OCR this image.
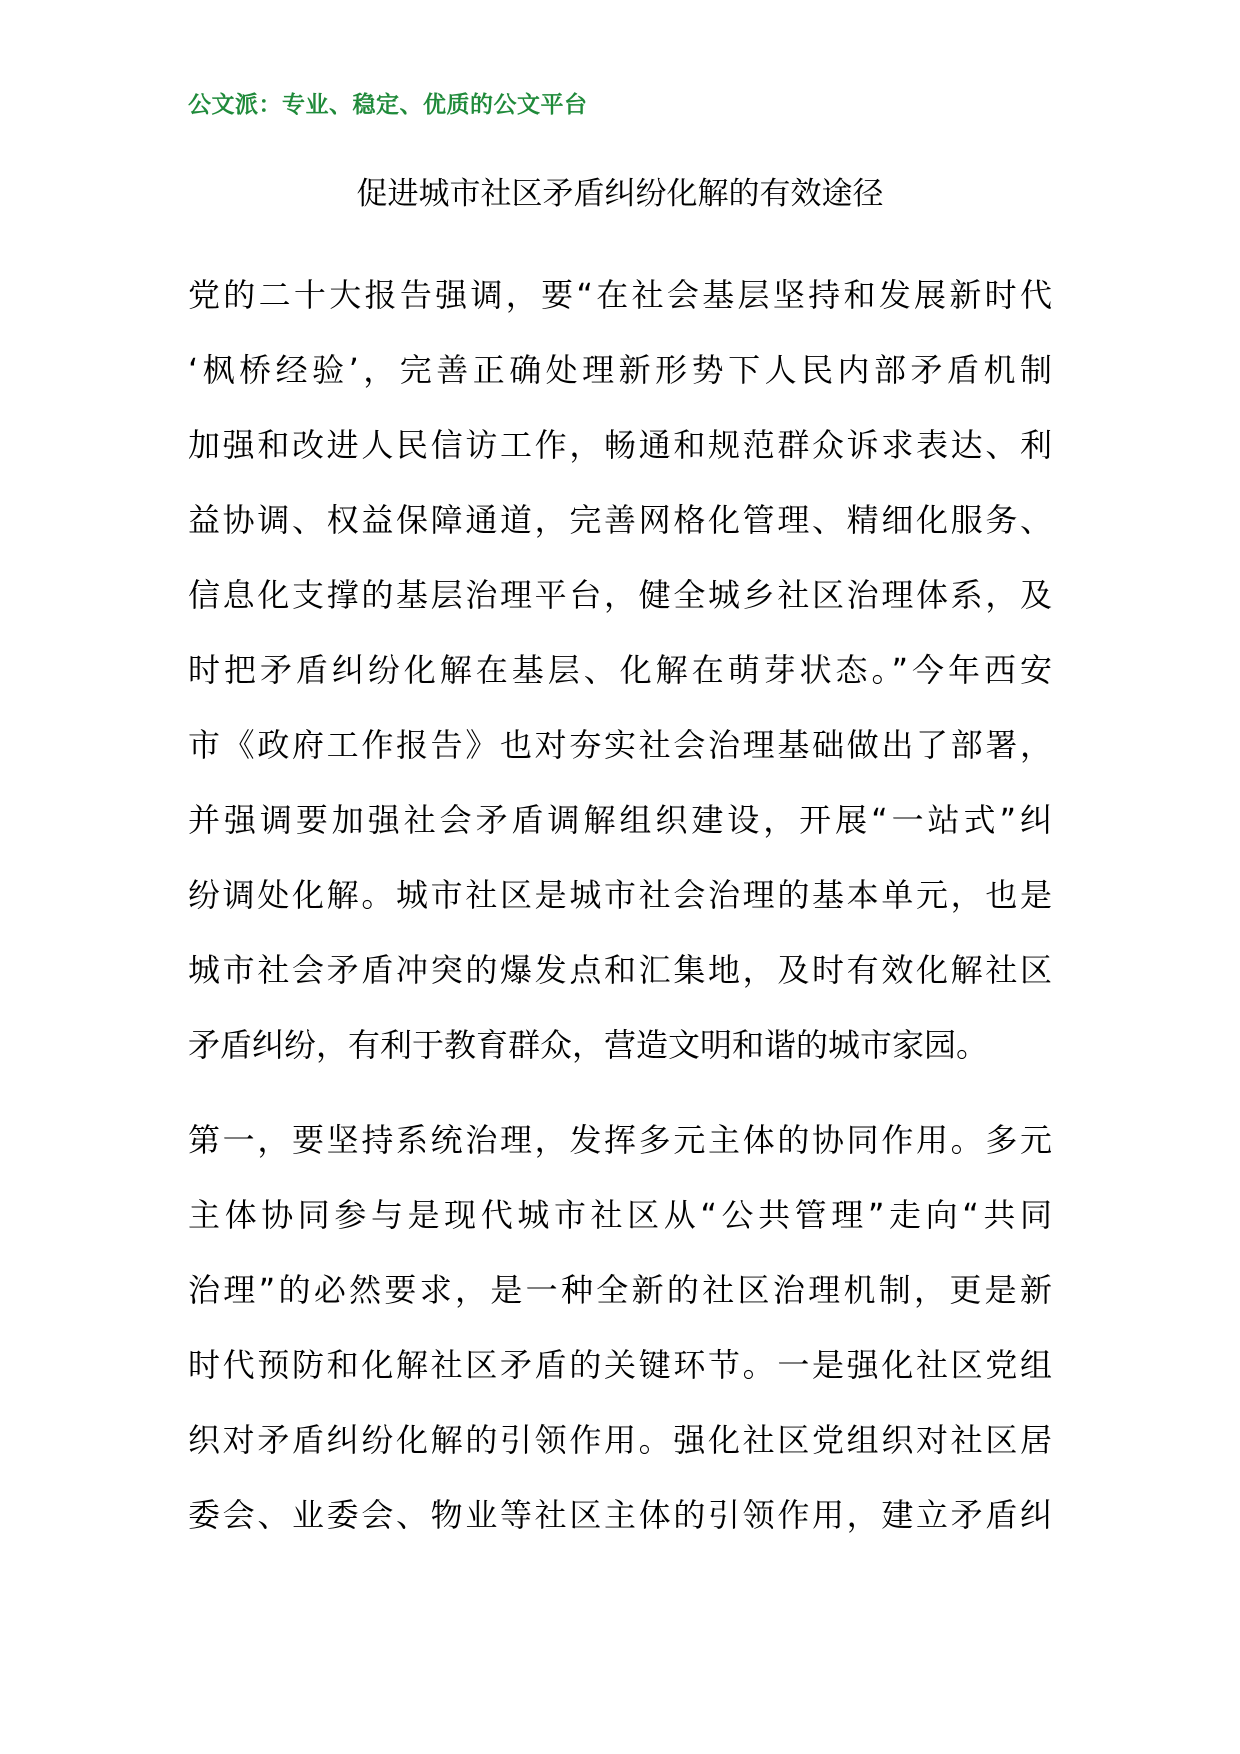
公文派：专业、稳定、优质的公文平台
促进城市社区矛盾纠纷化解的有效途径
党的二十大报告强调，要“在社会基层坚持和发展新时代
‘枫桥经验’，完善正确处理新形势下人民内部矛盾机制
加强和改进人民信访工作，畅通和规范群众诉求表达、利
益协调、权益保障通道，完善网格化管理、精细化服务、
信息化支撑的基层治理平台，健全城乡社区治理体系，及
时把矛盾纠纷化解在基层、化解在萌芽状态。”今年西安
市《政府工作报告》也对夯实社会治理基础做出了部署，
并强调要加强社会矛盾调解组织建设，开展“一站式”纠
纷调处化解。城市社区是城市社会治理的基本单元，也是
城市社会矛盾冲突的爆发点和汇集地，及时有效化解社区
矛盾纠纷，有利于教育群众，营造文明和谐的城市家园。
第一，要坚持系统治理，发挥多元主体的协同作用。多元
主体协同参与是现代城市社区从“公共管理”走向“共同
治理”的必然要求，是一种全新的社区治理机制，更是新
时代预防和化解社区矛盾的关键环节。一是强化社区党组
织对矛盾纠纷化解的引领作用。强化社区党组织对社区居
委会、业委会、物业等社区主体的引领作用，建立矛盾纠
